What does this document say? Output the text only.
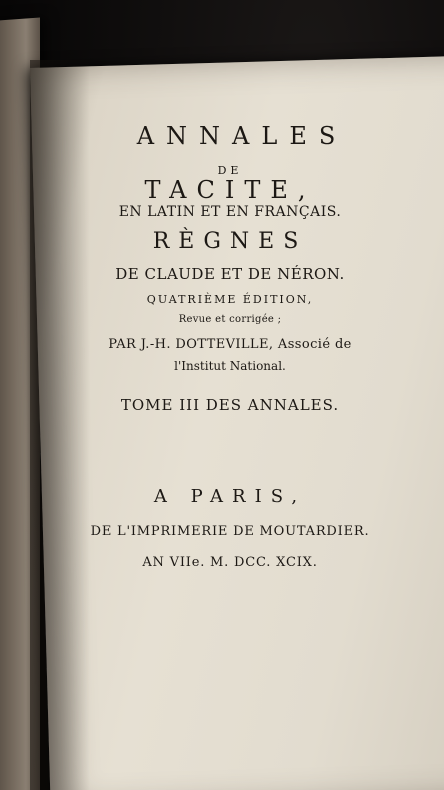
ANNALES
DE
TACITE,
EN LATIN ET EN FRANÇAIS.
RÈGNES
DE CLAUDE ET DE NÉRON.
QUATRIÈME ÉDITION,
Revue et corrigée ;
PAR J.-H. DOTTEVILLE, Associé de
l'Institut National.
TOME III DES ANNALES.
A PARIS,
DE L'IMPRIMERIE DE MOUTARDIER.
AN VIIe. M. DCC. XCIX.
